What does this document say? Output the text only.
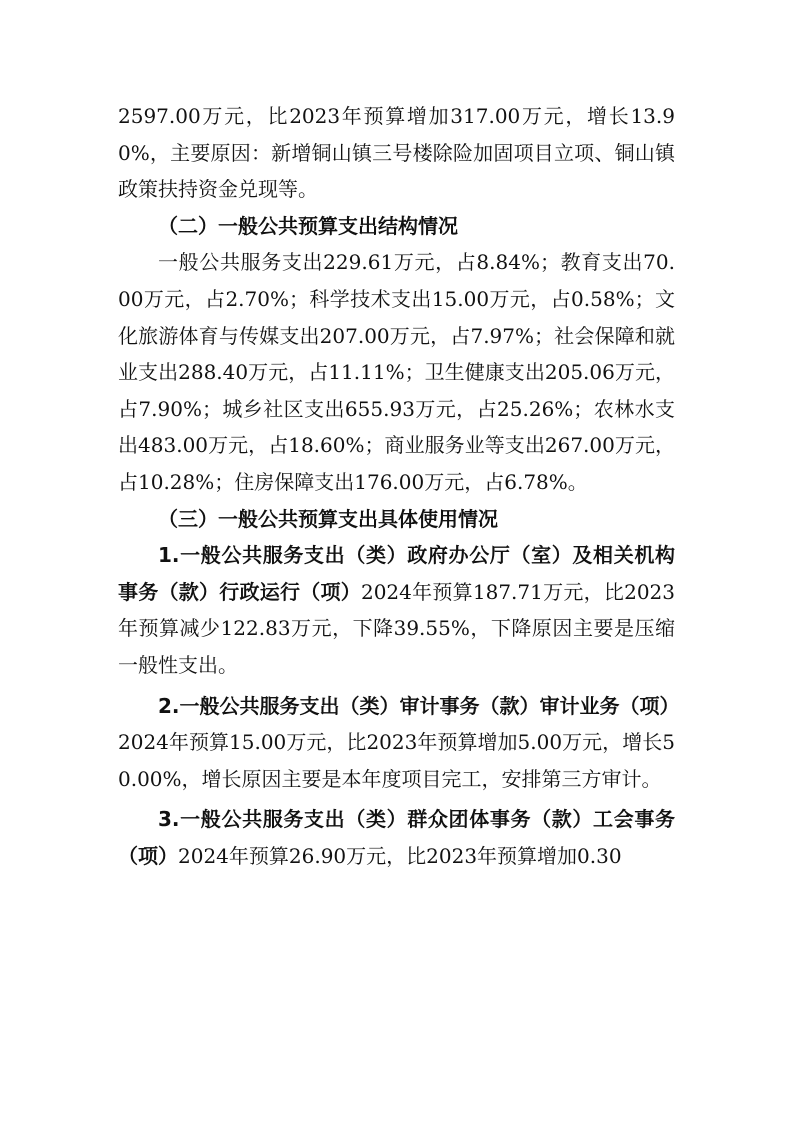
2597.00万元，比2023年预算增加317.00万元，增长13.90%，主要原因：新增铜山镇三号楼除险加固项目立项、铜山镇政策扶持资金兑现等。

（二）一般公共预算支出结构情况

一般公共服务支出229.61万元，占8.84%；教育支出70.00万元，占2.70%；科学技术支出15.00万元，占0.58%；文化旅游体育与传媒支出207.00万元，占7.97%；社会保障和就业支出288.40万元，占11.11%；卫生健康支出205.06万元，占7.90%；城乡社区支出655.93万元，占25.26%；农林水支出483.00万元，占18.60%；商业服务业等支出267.00万元，占10.28%；住房保障支出176.00万元，占6.78%。

（三）一般公共预算支出具体使用情况

1.一般公共服务支出（类）政府办公厅（室）及相关机构事务（款）行政运行（项）2024年预算187.71万元，比2023年预算减少122.83万元，下降39.55%，下降原因主要是压缩一般性支出。

2.一般公共服务支出（类）审计事务（款）审计业务（项）2024年预算15.00万元，比2023年预算增加5.00万元，增长50.00%，增长原因主要是本年度项目完工，安排第三方审计。

3.一般公共服务支出（类）群众团体事务（款）工会事务（项）2024年预算26.90万元，比2023年预算增加0.30
